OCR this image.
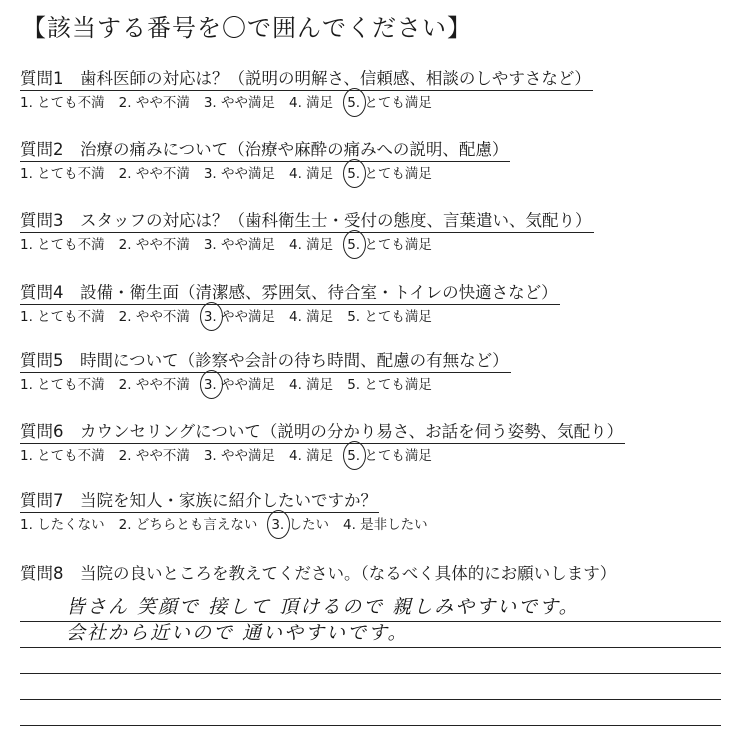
【該当する番号を〇で囲んでください】
質問1　歯科医師の対応は？（説明の明解さ、信頼感、相談のしやすさなど）
1. とても不満 2. やや不満 3. やや満足 4. 満足 5. とても満足
質問2　治療の痛みについて（治療や麻酔の痛みへの説明、配慮）
1. とても不満 2. やや不満 3. やや満足 4. 満足 5. とても満足
質問3　スタッフの対応は？（歯科衛生士・受付の態度、言葉遣い、気配り）
1. とても不満 2. やや不満 3. やや満足 4. 満足 5. とても満足
質問4　設備・衛生面（清潔感、雰囲気、待合室・トイレの快適さなど）
1. とても不満 2. やや不満 3. やや満足 4. 満足 5. とても満足
質問5　時間について（診察や会計の待ち時間、配慮の有無など）
1. とても不満 2. やや不満 3. やや満足 4. 満足 5. とても満足
質問6　カウンセリングについて（説明の分かり易さ、お話を伺う姿勢、気配り）
1. とても不満 2. やや不満 3. やや満足 4. 満足 5. とても満足
質問7　当院を知人・家族に紹介したいですか？
1. したくない 2. どちらとも言えない 3. したい 4. 是非したい
質問8　当院の良いところを教えてください。（なるべく具体的にお願いします）
皆さん 笑顔で 接して 頂けるので 親しみやすいです。
会社から近いので 通いやすいです。
